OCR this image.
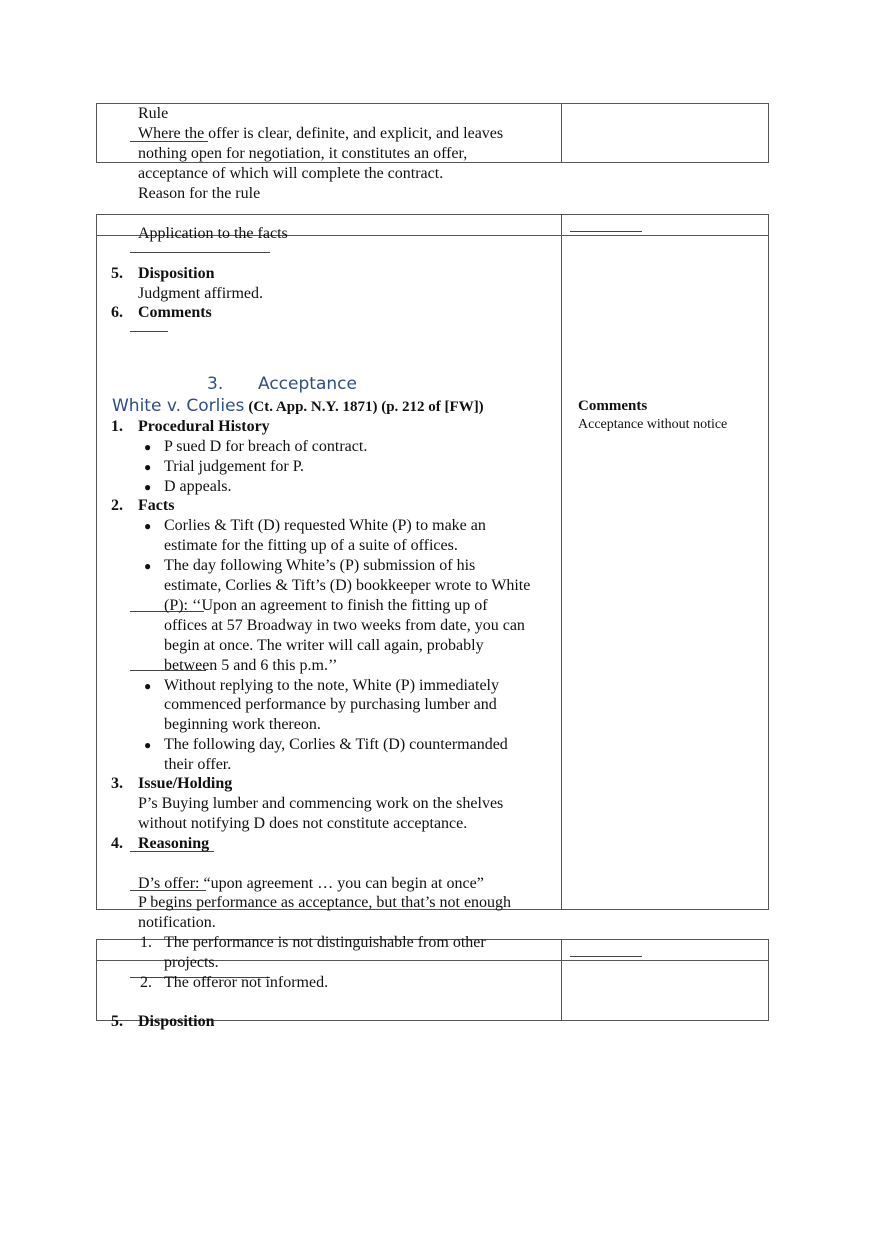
Rule
Where the offer is clear, definite, and explicit, and leaves
nothing open for negotiation, it constitutes an offer,
acceptance of which will complete the contract.
Reason for the rule
Application to the facts
5. Disposition
Judgment affirmed.
6. Comments
3. Acceptance
White v. Corlies (Ct. App. N.Y. 1871) (p. 212 of [FW])
1. Procedural History
● P sued D for breach of contract.
● Trial judgement for P.
● D appeals.
2. Facts
● Corlies & Tift (D) requested White (P) to make an
estimate for the fitting up of a suite of offices.
● The day following White’s (P) submission of his
estimate, Corlies & Tift’s (D) bookkeeper wrote to White
(P): ‘‘Upon an agreement to finish the fitting up of
offices at 57 Broadway in two weeks from date, you can
begin at once. The writer will call again, probably
between 5 and 6 this p.m.’’
● Without replying to the note, White (P) immediately
commenced performance by purchasing lumber and
beginning work thereon.
● The following day, Corlies & Tift (D) countermanded
their offer.
3. Issue/Holding
P’s Buying lumber and commencing work on the shelves
without notifying D does not constitute acceptance.
4. Reasoning
D’s offer: “upon agreement … you can begin at once”
P begins performance as acceptance, but that’s not enough
notification.
1. The performance is not distinguishable from other
projects.
2. The offeror not informed.
5. Disposition
Comments
Acceptance without notice
